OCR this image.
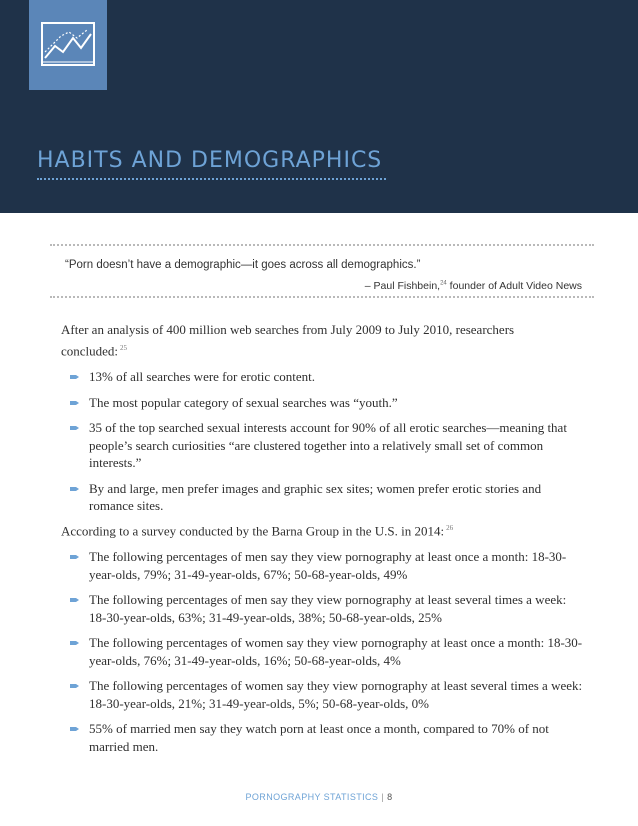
HABITS AND DEMOGRAPHICS
“Porn doesn’t have a demographic—it goes across all demographics.”
– Paul Fishbein,$^{24}$ founder of Adult Video News
After an analysis of 400 million web searches from July 2009 to July 2010, researchers concluded: $^{25}$
13% of all searches were for erotic content.
The most popular category of sexual searches was “youth.”
35 of the top searched sexual interests account for 90% of all erotic searches—meaning that people’s search curiosities “are clustered together into a relatively small set of common interests.”
By and large, men prefer images and graphic sex sites; women prefer erotic stories and romance sites.
According to a survey conducted by the Barna Group in the U.S. in 2014: $^{26}$
The following percentages of men say they view pornography at least once a month: 18-30-year-olds, 79%; 31-49-year-olds, 67%; 50-68-year-olds, 49%
The following percentages of men say they view pornography at least several times a week: 18-30-year-olds, 63%; 31-49-year-olds, 38%; 50-68-year-olds, 25%
The following percentages of women say they view pornography at least once a month: 18-30-year-olds, 76%; 31-49-year-olds, 16%; 50-68-year-olds, 4%
The following percentages of women say they view pornography at least several times a week: 18-30-year-olds, 21%; 31-49-year-olds, 5%; 50-68-year-olds, 0%
55% of married men say they watch porn at least once a month, compared to 70% of not married men.
PORNOGRAPHY STATISTICS | 8
